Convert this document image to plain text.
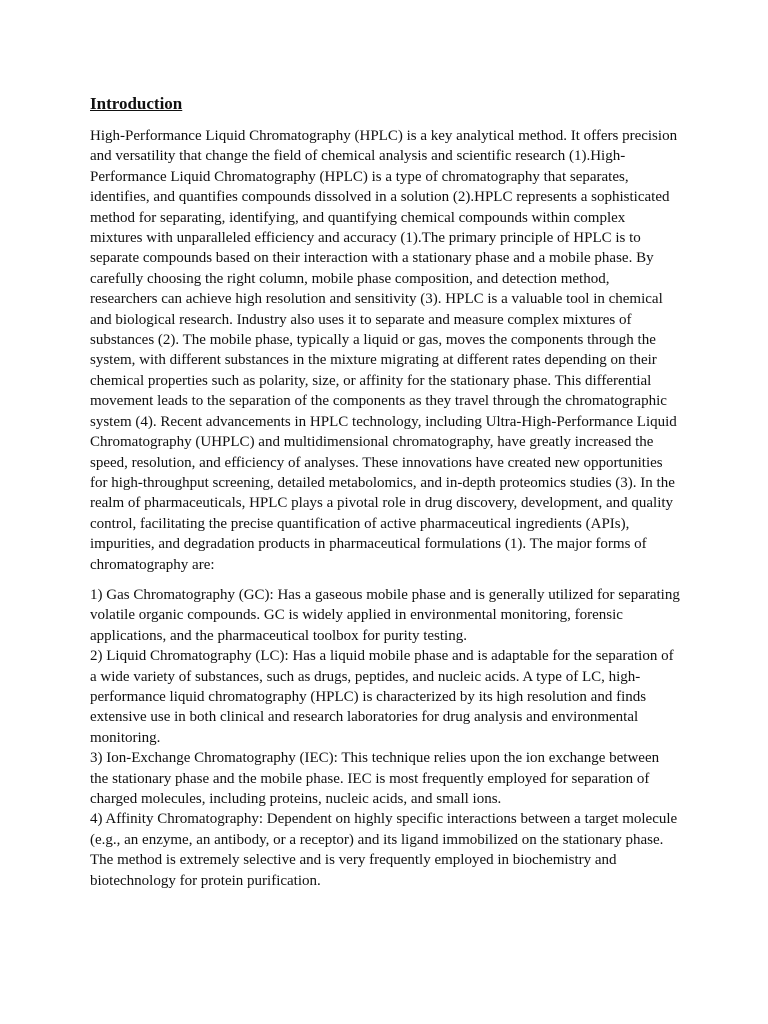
Introduction

High-Performance Liquid Chromatography (HPLC) is a key analytical method. It offers precision and versatility that change the field of chemical analysis and scientific research (1).High-Performance Liquid Chromatography (HPLC) is a type of chromatography that separates, identifies, and quantifies compounds dissolved in a solution (2).HPLC represents a sophisticated method for separating, identifying, and quantifying chemical compounds within complex mixtures with unparalleled efficiency and accuracy (1).The primary principle of HPLC is to separate compounds based on their interaction with a stationary phase and a mobile phase. By carefully choosing the right column, mobile phase composition, and detection method, researchers can achieve high resolution and sensitivity (3). HPLC is a valuable tool in chemical and biological research. Industry also uses it to separate and measure complex mixtures of substances (2). The mobile phase, typically a liquid or gas, moves the components through the system, with different substances in the mixture migrating at different rates depending on their chemical properties such as polarity, size, or affinity for the stationary phase. This differential movement leads to the separation of the components as they travel through the chromatographic system (4). Recent advancements in HPLC technology, including Ultra-High-Performance Liquid Chromatography (UHPLC) and multidimensional chromatography, have greatly increased the speed, resolution, and efficiency of analyses. These innovations have created new opportunities for high-throughput screening, detailed metabolomics, and in-depth proteomics studies (3). In the realm of pharmaceuticals, HPLC plays a pivotal role in drug discovery, development, and quality control, facilitating the precise quantification of active pharmaceutical ingredients (APIs), impurities, and degradation products in pharmaceutical formulations (1). The major forms of chromatography are:

1) Gas Chromatography (GC): Has a gaseous mobile phase and is generally utilized for separating volatile organic compounds. GC is widely applied in environmental monitoring, forensic applications, and the pharmaceutical toolbox for purity testing.
2) Liquid Chromatography (LC): Has a liquid mobile phase and is adaptable for the separation of a wide variety of substances, such as drugs, peptides, and nucleic acids. A type of LC, high-performance liquid chromatography (HPLC) is characterized by its high resolution and finds extensive use in both clinical and research laboratories for drug analysis and environmental monitoring.
3) Ion-Exchange Chromatography (IEC): This technique relies upon the ion exchange between the stationary phase and the mobile phase. IEC is most frequently employed for separation of charged molecules, including proteins, nucleic acids, and small ions.
4) Affinity Chromatography: Dependent on highly specific interactions between a target molecule (e.g., an enzyme, an antibody, or a receptor) and its ligand immobilized on the stationary phase. The method is extremely selective and is very frequently employed in biochemistry and biotechnology for protein purification.
